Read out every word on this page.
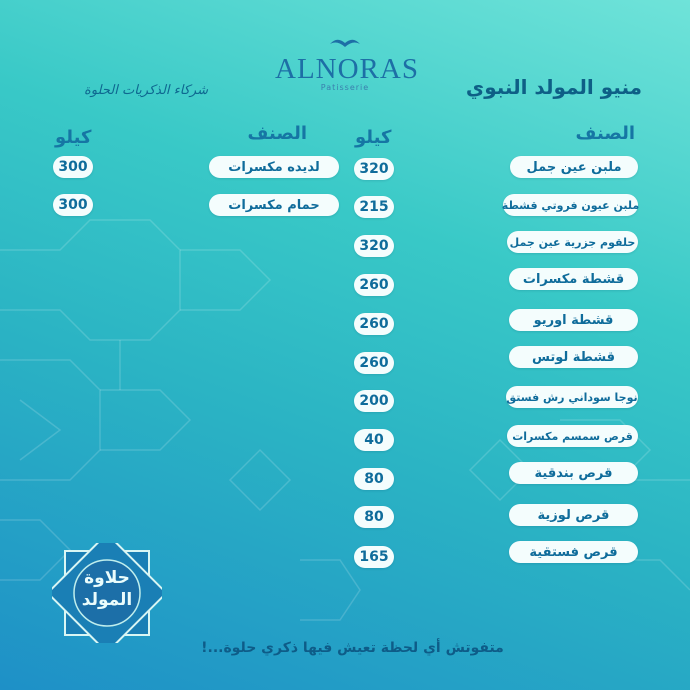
ALNORAS
Patisserie
شركاء الذكريات الحلوة	منيو المولد النبوي
الصنف
كيلو
الصنف
كيلو
ملبن عين جمل
320
ملبن عيون فروتي قشطة
215
حلقوم جزرية عين جمل
320
قشطة مكسرات
260
قشطة اوريو
260
قشطة لوتس
260
نوجا سوداني رش فستق
200
قرص سمسم مكسرات
40
قرص بندقية
80
قرص لوزية
80
قرص فستقية
165
لديده مكسرات
300
حمام مكسرات
300
حلاوة
المولد
متفوتش أي لحظة تعيش فيها ذكري حلوة...!
